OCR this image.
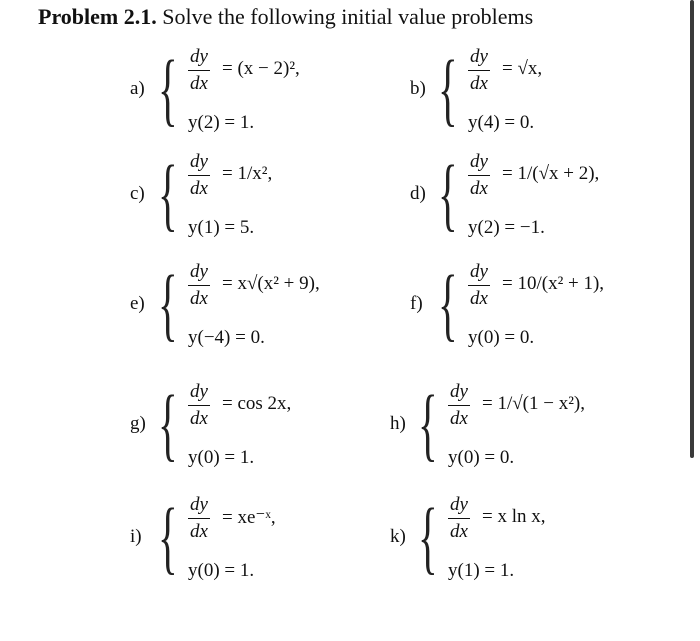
Problem 2.1. Solve the following initial value problems
a) { $\frac{dy}{dx} = (x - 2)^2$,
y(2) = 1.
b) { $\frac{dy}{dx} = √x$,
y(4) = 0.
c) { $\frac{dy}{dx} = 1/x^2$,
y(1) = 5.
d) { $\frac{dy}{dx} = 1/(√x + 2)$,
y(2) = −1.
e) { $\frac{dy}{dx} = x√(x^2 + 9)$,
y(−4) = 0.
f) { $\frac{dy}{dx} = 10/(x^2 + 1)$,
y(0) = 0.
g) { $\frac{dy}{dx} = \cos 2x$,
y(0) = 1.
h) { $\frac{dy}{dx} = 1/√(1 - x^2)$,
y(0) = 0.
i) { $\frac{dy}{dx}$ = xe⁻ˣ,
y(0) = 1.
k) { $\frac{dy}{dx} = x$ ln x,
y(1) = 1.
